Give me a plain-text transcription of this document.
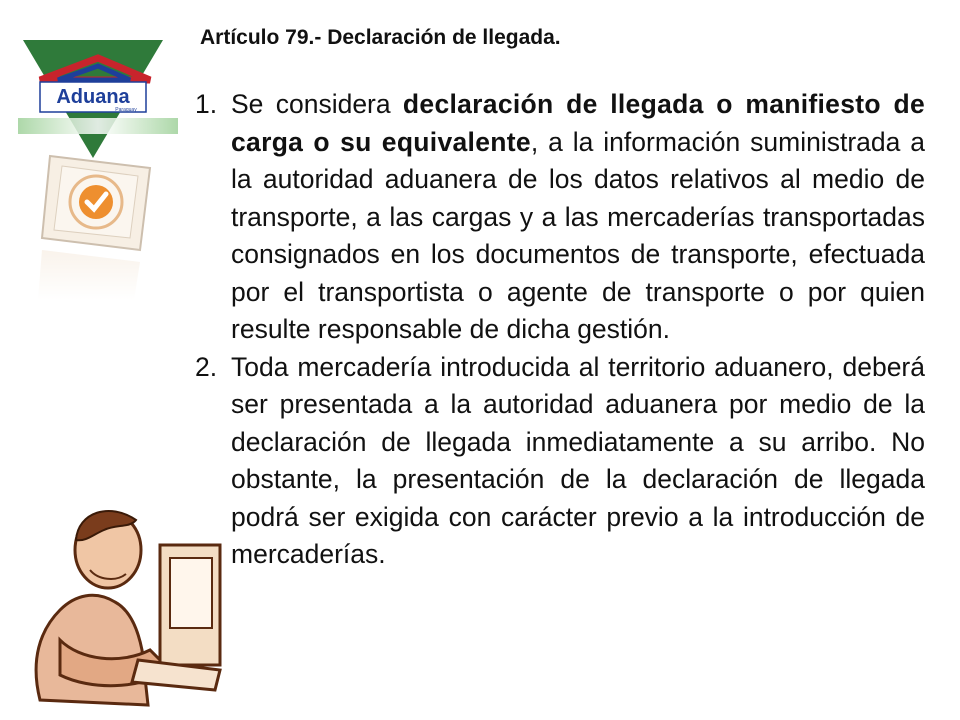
Aduana
Paraguay
Artículo 79.- Declaración de llegada.
1. Se considera declaración de llegada o manifiesto de carga o su equivalente, a la información suministrada a la autoridad aduanera de los datos relativos al medio de transporte, a las cargas y a las mercaderías transportadas consignados en los documentos de transporte, efectuada por el transportista o agente de transporte o por quien resulte responsable de dicha gestión.
2. Toda mercadería introducida al territorio aduanero, deberá ser presentada a la autoridad aduanera por medio de la declaración de llegada inmediatamente a su arribo. No obstante, la presentación de la declaración de llegada podrá ser exigida con carácter previo a la introducción de mercaderías.
